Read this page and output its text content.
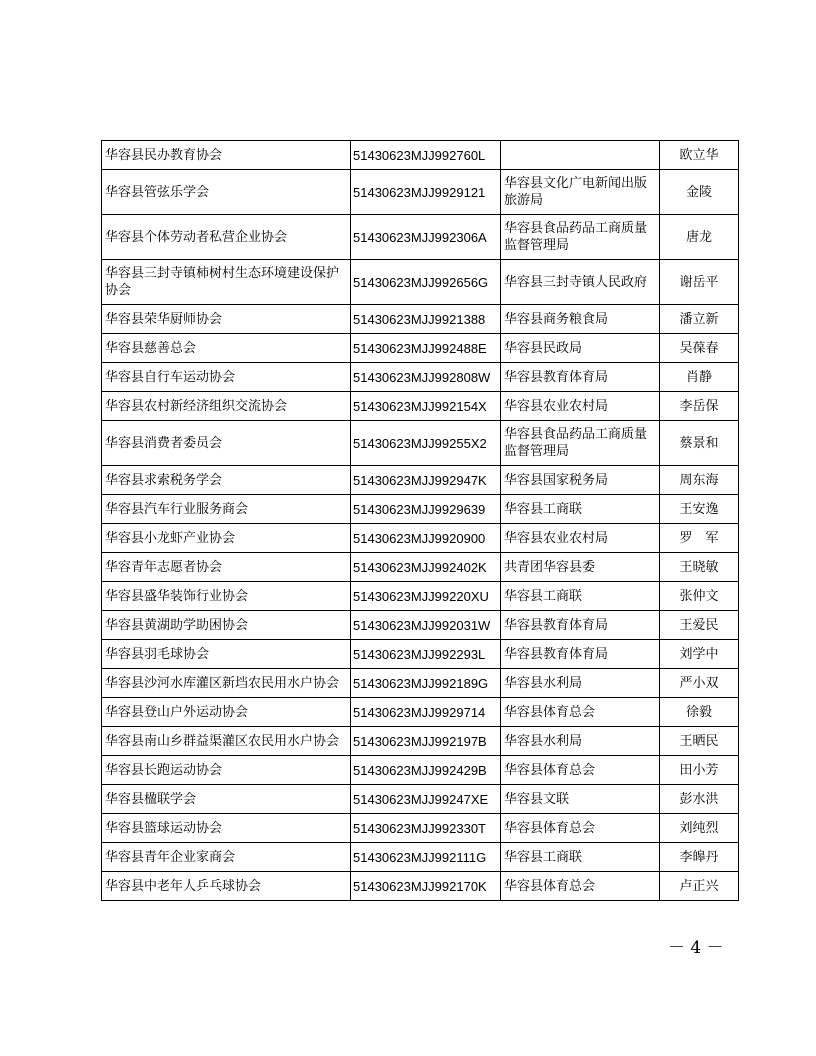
华容县民办教育协会	51430623MJJ992760L		欧立华
华容县管弦乐学会	51430623MJJ9929121	华容县文化广电新闻出版旅游局	金陵
华容县个体劳动者私营企业协会	51430623MJJ992306A	华容县食品药品工商质量监督管理局	唐龙
华容县三封寺镇柿树村生态环境建设保护协会	51430623MJJ992656G	华容县三封寺镇人民政府	谢岳平
华容县荣华厨师协会	51430623MJJ9921388	华容县商务粮食局	潘立新
华容县慈善总会	51430623MJJ992488E	华容县民政局	吴葆春
华容县自行车运动协会	51430623MJJ992808W	华容县教育体育局	肖静
华容县农村新经济组织交流协会	51430623MJJ992154X	华容县农业农村局	李岳保
华容县消费者委员会	51430623MJJ99255X2	华容县食品药品工商质量监督管理局	蔡景和
华容县求索税务学会	51430623MJJ992947K	华容县国家税务局	周东海
华容县汽车行业服务商会	51430623MJJ9929639	华容县工商联	王安逸
华容县小龙虾产业协会	51430623MJJ9920900	华容县农业农村局	罗　军
华容青年志愿者协会	51430623MJJ992402K	共青团华容县委	王晓敏
华容县盛华装饰行业协会	51430623MJJ99220XU	华容县工商联	张仲文
华容县黄湖助学助困协会	51430623MJJ992031W	华容县教育体育局	王爱民
华容县羽毛球协会	51430623MJJ992293L	华容县教育体育局	刘学中
华容县沙河水库灌区新垱农民用水户协会	51430623MJJ992189G	华容县水利局	严小双
华容县登山户外运动协会	51430623MJJ9929714	华容县体育总会	徐毅
华容县南山乡群益渠灌区农民用水户协会	51430623MJJ992197B	华容县水利局	王晒民
华容县长跑运动协会	51430623MJJ992429B	华容县体育总会	田小芳
华容县楹联学会	51430623MJJ99247XE	华容县文联	彭水洪
华容县篮球运动协会	51430623MJJ992330T	华容县体育总会	刘纯烈
华容县青年企业家商会	51430623MJJ992111G	华容县工商联	李皞丹
华容县中老年人乒乓球协会	51430623MJJ992170K	华容县体育总会	卢正兴
－ 4 －
